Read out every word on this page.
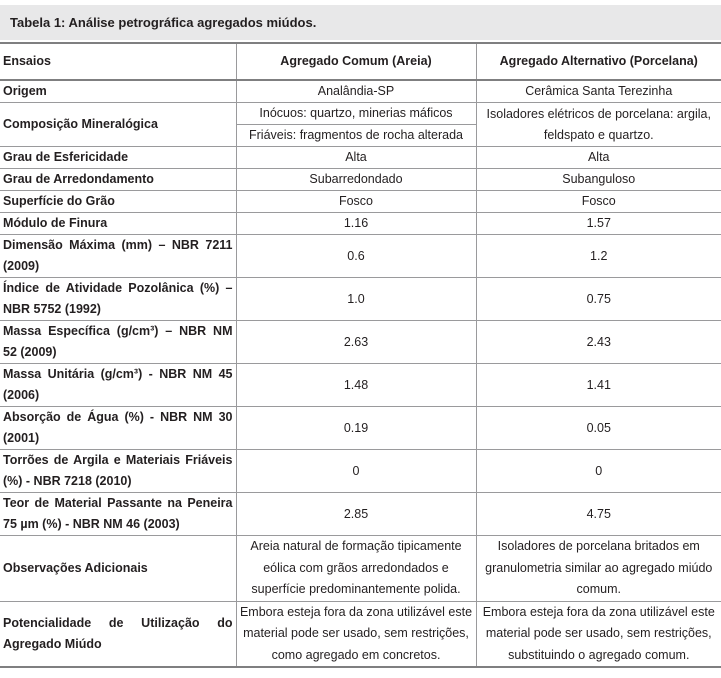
Tabela 1: Análise petrográfica agregados miúdos.
Ensaios	Agregado Comum (Areia)	Agregado Alternativo (Porcelana)
Origem	Analândia-SP	Cerâmica Santa Terezinha
Composição Mineralógica	Inócuos: quartzo, minerias máficos	Isoladores elétricos de porcelana: argila, feldspato e quartzo.
	Friáveis: fragmentos de rocha alterada	
Grau de Esfericidade	Alta	Alta
Grau de Arredondamento	Subarredondado	Subanguloso
Superfície do Grão	Fosco	Fosco
Módulo de Finura	1.16	1.57
Dimensão Máxima (mm) – NBR 7211 (2009)	0.6	1.2
Índice de Atividade Pozolânica (%) – NBR 5752 (1992)	1.0	0.75
Massa Específica (g/cm³) – NBR NM 52 (2009)	2.63	2.43
Massa Unitária (g/cm³) - NBR NM 45 (2006)	1.48	1.41
Absorção de Água (%) - NBR NM 30 (2001)	0.19	0.05
Torrões de Argila e Materiais Friáveis (%) - NBR 7218 (2010)	0	0
Teor de Material Passante na Peneira 75 µm (%) - NBR NM 46 (2003)	2.85	4.75
Observações Adicionais	Areia natural de formação tipicamente eólica com grãos arredondados e superfície predominantemente polida.	Isoladores de porcelana britados em granulometria similar ao agregado miúdo comum.
Potencialidade de Utilização do Agregado Miúdo	Embora esteja fora da zona utilizável este material pode ser usado, sem restrições, como agregado em concretos.	Embora esteja fora da zona utilizável este material pode ser usado, sem restrições, substituindo o agregado comum.
